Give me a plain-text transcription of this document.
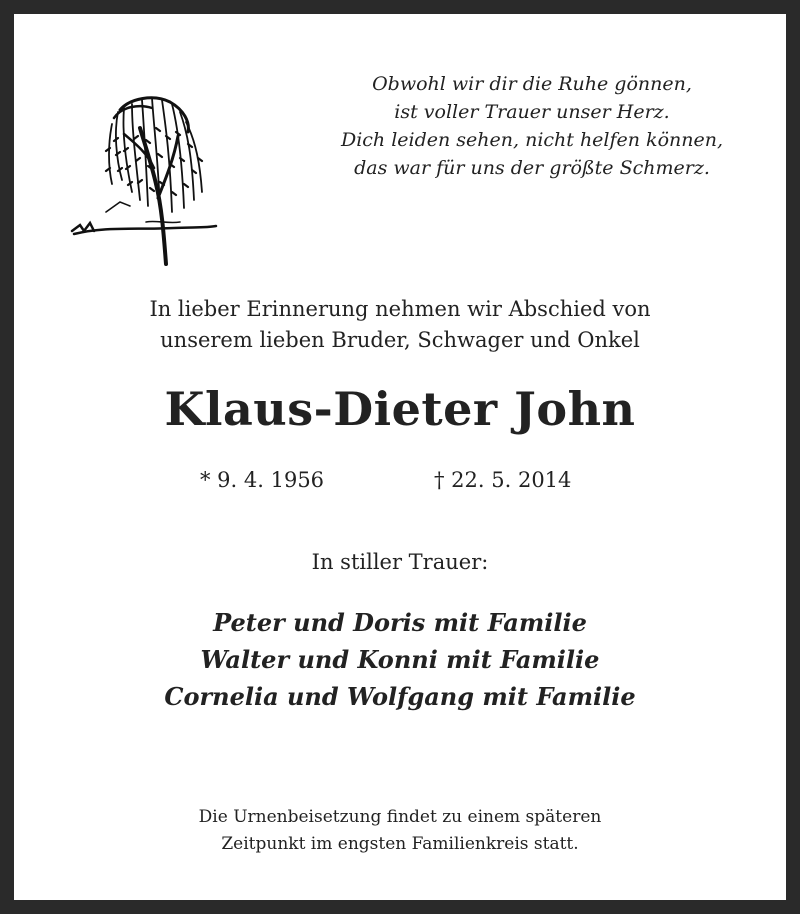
Obwohl wir dir die Ruhe gönnen,
ist voller Trauer unser Herz.
Dich leiden sehen, nicht helfen können,
das war für uns der größte Schmerz.
In lieber Erinnerung nehmen wir Abschied von
unserem lieben Bruder, Schwager und Onkel
Klaus-Dieter John
* 9. 4. 1956	† 22. 5. 2014
In stiller Trauer:
Peter und Doris mit Familie
Walter und Konni mit Familie
Cornelia und Wolfgang mit Familie
Die Urnenbeisetzung findet zu einem späteren
Zeitpunkt im engsten Familienkreis statt.
